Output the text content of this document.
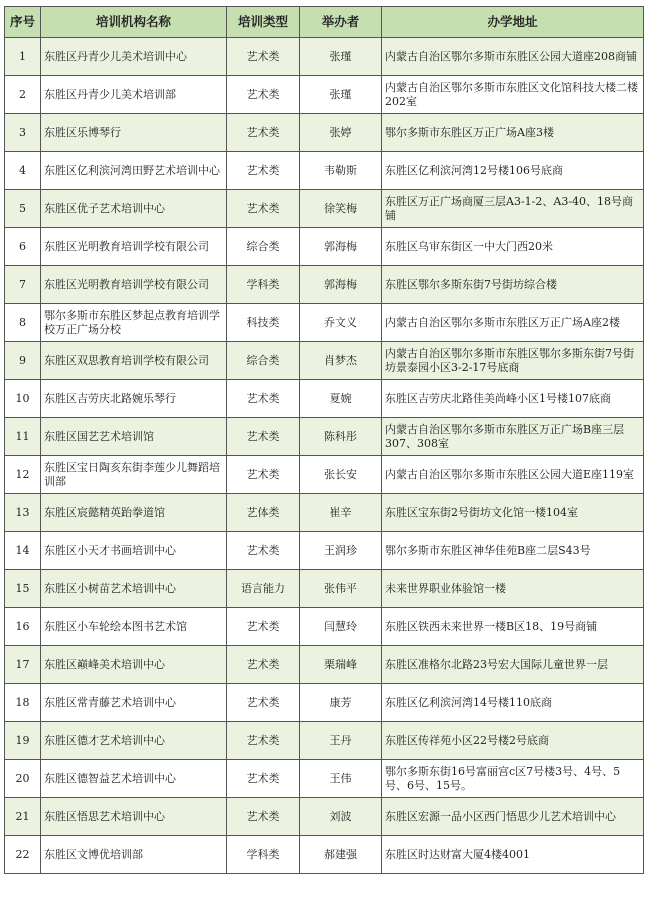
序号	培训机构名称	培训类型	举办者	办学地址
1	东胜区丹青少儿美术培训中心	艺术类	张瑾	内蒙古自治区鄂尔多斯市东胜区公园大道座208商铺
2	东胜区丹青少儿美术培训部	艺术类	张瑾	内蒙古自治区鄂尔多斯市东胜区文化馆科技大楼二楼202室
3	东胜区乐博琴行	艺术类	张婷	鄂尔多斯市东胜区万正广场A座3楼
4	东胜区亿利滨河湾田野艺术培训中心	艺术类	韦勒斯	东胜区亿利滨河湾12号楼106号底商
5	东胜区优子艺术培训中心	艺术类	徐笑梅	东胜区万正广场商厦三层A3-1-2、A3-40、18号商铺
6	东胜区光明教育培训学校有限公司	综合类	郭海梅	东胜区乌审东街区一中大门西20米
7	东胜区光明教育培训学校有限公司	学科类	郭海梅	东胜区鄂尔多斯东街7号街坊综合楼
8	鄂尔多斯市东胜区梦起点教育培训学校万正广场分校	科技类	乔文义	内蒙古自治区鄂尔多斯市东胜区万正广场A座2楼
9	东胜区双思教育培训学校有限公司	综合类	肖梦杰	内蒙古自治区鄂尔多斯市东胜区鄂尔多斯东街7号街坊景泰园小区3-2-17号底商
10	东胜区吉劳庆北路婉乐琴行	艺术类	夏婉	东胜区吉劳庆北路佳美尚峰小区1号楼107底商
11	东胜区国艺艺术培训馆	艺术类	陈科彤	内蒙古自治区鄂尔多斯市东胜区万正广场B座三层307、308室
12	东胜区宝日陶亥东街李莲少儿舞蹈培训部	艺术类	张长安	内蒙古自治区鄂尔多斯市东胜区公园大道E座119室
13	东胜区宸懿精英跆拳道馆	艺体类	崔辛	东胜区宝东街2号街坊文化馆一楼104室
14	东胜区小天才书画培训中心	艺术类	王润珍	鄂尔多斯市东胜区神华佳苑B座二层S43号
15	东胜区小树苗艺术培训中心	语言能力	张伟平	未来世界职业体验馆一楼
16	东胜区小车轮绘本图书艺术馆	艺术类	闫慧玲	东胜区铁西未来世界一楼B区18、19号商铺
17	东胜区巅峰美术培训中心	艺术类	栗瑞峰	东胜区准格尔北路23号宏大国际儿童世界一层
18	东胜区常青藤艺术培训中心	艺术类	康芳	东胜区亿利滨河湾14号楼110底商
19	东胜区德才艺术培训中心	艺术类	王丹	东胜区传祥苑小区22号楼2号底商
20	东胜区德智益艺术培训中心	艺术类	王伟	鄂尔多斯东街16号富丽宫c区7号楼3号、4号、5号、6号、15号。
21	东胜区悟思艺术培训中心	艺术类	刘波	东胜区宏源一品小区西门悟思少儿艺术培训中心
22	东胜区文博优培训部	学科类	郝建强	东胜区时达财富大厦4楼4001
